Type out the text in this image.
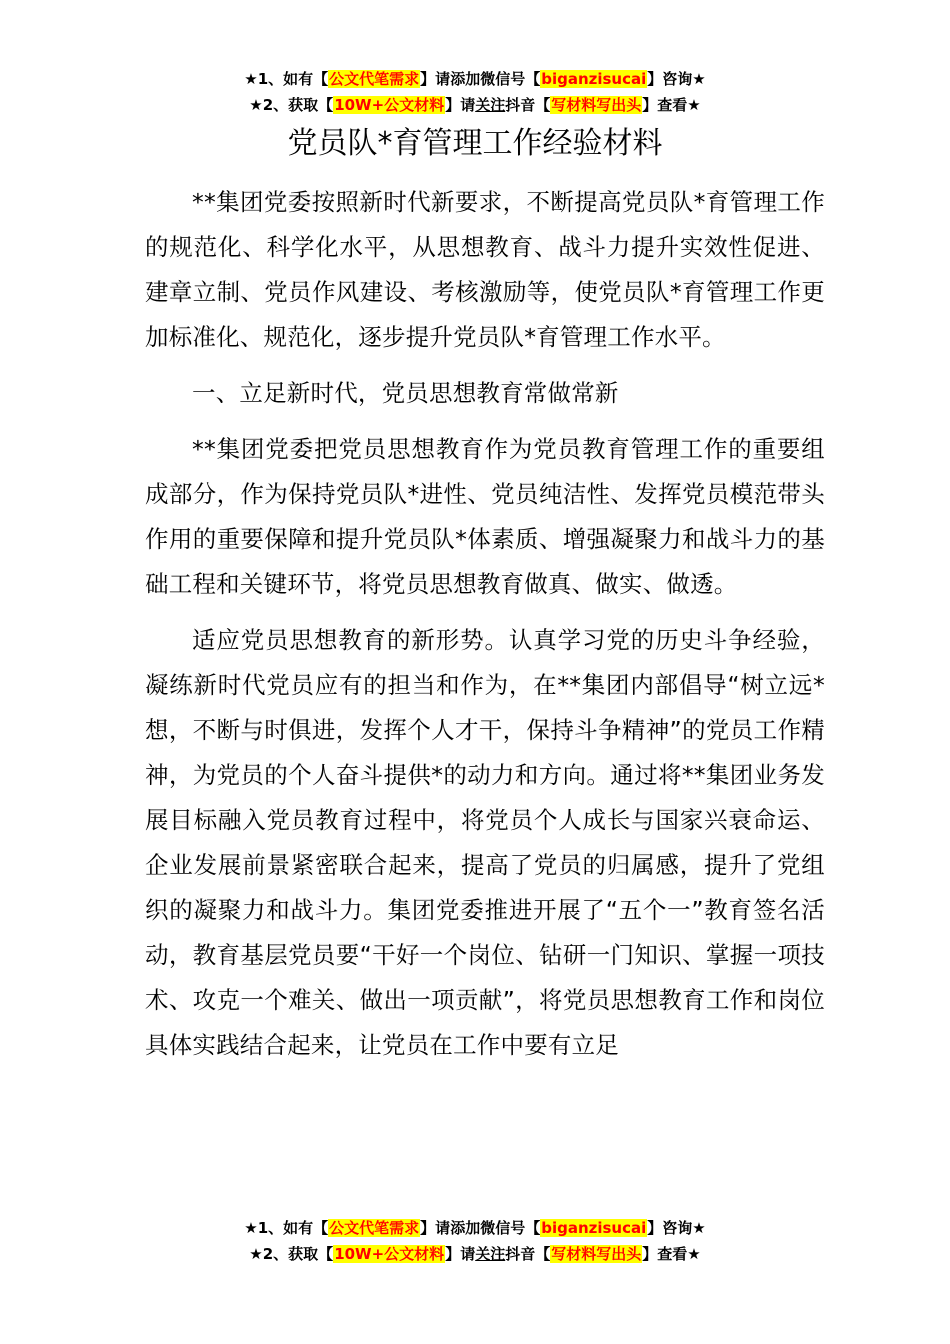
★1、如有【公文代笔需求】请添加微信号【biganzisucai】咨询★
★2、获取【10W+公文材料】请关注抖音【写材料写出头】查看★
党员队*育管理工作经验材料

**集团党委按照新时代新要求，不断提高党员队*育管理工作的规范化、科学化水平，从思想教育、战斗力提升实效性促进、建章立制、党员作风建设、考核激励等，使党员队*育管理工作更加标准化、规范化，逐步提升党员队*育管理工作水平。

一、立足新时代，党员思想教育常做常新

**集团党委把党员思想教育作为党员教育管理工作的重要组成部分，作为保持党员队*进性、党员纯洁性、发挥党员模范带头作用的重要保障和提升党员队*体素质、增强凝聚力和战斗力的基础工程和关键环节，将党员思想教育做真、做实、做透。

适应党员思想教育的新形势。认真学习党的历史斗争经验，凝练新时代党员应有的担当和作为，在**集团内部倡导“树立远*想，不断与时俱进，发挥个人才干，保持斗争精神”的党员工作精神，为党员的个人奋斗提供*的动力和方向。通过将**集团业务发展目标融入党员教育过程中，将党员个人成长与国家兴衰命运、企业发展前景紧密联合起来，提高了党员的归属感，提升了党组织的凝聚力和战斗力。集团党委推进开展了“五个一”教育签名活动，教育基层党员要“干好一个岗位、钻研一门知识、掌握一项技术、攻克一个难关、做出一项贡献”，将党员思想教育工作和岗位具体实践结合起来，让党员在工作中要有立足

★1、如有【公文代笔需求】请添加微信号【biganzisucai】咨询★
★2、获取【10W+公文材料】请关注抖音【写材料写出头】查看★
